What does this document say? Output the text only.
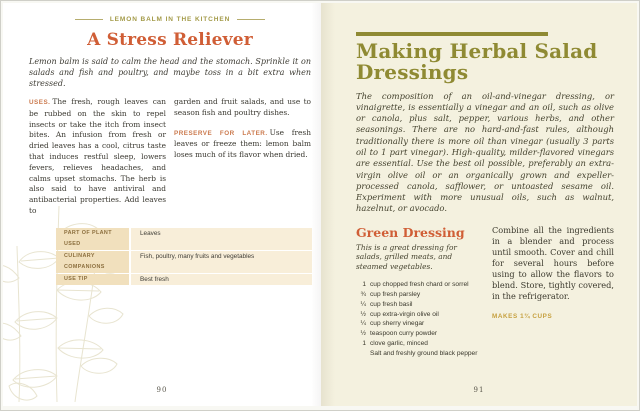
LEMON BALM IN THE KITCHEN
A Stress Reliever

Lemon balm is said to calm the head and the stomach. Sprinkle it on salads and fish and poultry, and maybe toss in a bit extra when stressed.

USES. The fresh, rough leaves can be rubbed on the skin to repel insects or take the itch from insect bites. An infusion from fresh or dried leaves has a cool, citrus taste that induces restful sleep, lowers fevers, relieves headaches, and calms upset stomachs. The herb is also said to have antiviral and antibacterial properties. Add leaves to

garden and fruit salads, and use to season fish and poultry dishes.

PRESERVE FOR LATER. Use fresh leaves or freeze them: lemon balm loses much of its flavor when dried.

PART OF PLANT USED
Leaves
CULINARY COMPANIONS
Fish, poultry, many fruits and vegetables
USE TIP	Best fresh
90
Making Herbal Salad Dressings

The composition of an oil-and-vinegar dressing, or vinaigrette, is essentially a vinegar and an oil, such as olive or canola, plus salt, pepper, various herbs, and other seasonings. There are no hard-and-fast rules, although traditionally there is more oil than vinegar (usually 3 parts oil to 1 part vinegar). High-quality, milder-flavored vinegars are essential. Use the best oil possible, preferably an extra-virgin olive oil or an organically grown and expeller-processed canola, safflower, or untoasted sesame oil. Experiment with more unusual oils, such as walnut, hazelnut, or avocado.

Green Dressing

This is a great dressing for salads, grilled meats, and steamed vegetables.

1 cup chopped fresh chard or sorrel
¾ cup fresh parsley
¼ cup fresh basil
½ cup extra-virgin olive oil
¼ cup sherry vinegar
½ teaspoon curry powder
1 clove garlic, minced
Salt and freshly ground black pepper

Combine all the ingredients in a blender and process until smooth. Cover and chill for several hours before using to allow the flavors to blend. Store, tightly covered, in the refrigerator.

MAKES 1¾ CUPS

91
